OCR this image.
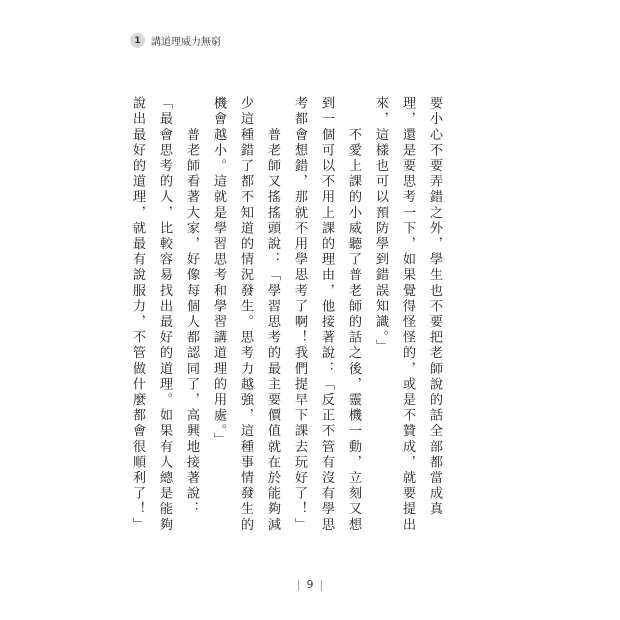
1	講道理威力無窮

要小心不要弄錯之外，學生也不要把老師說的話全部都當成真理，還是要思考一下，如果覺得怪怪的，或是不贊成，就要提出來，這樣也可以預防學到錯誤知識。」

　　不愛上課的小威聽了普老師的話之後，靈機一動，立刻又想到一個可以不用上課的理由，他接著說：「反正不管有沒有學思考都會想錯，那就不用學思考了啊！我們提早下課去玩好了！」

　　普老師又搖搖頭說：「學習思考的最主要價值就在於能夠減少這種錯了都不知道的情況發生。思考力越強，這種事情發生的機會越小。這就是學習思考和學習講道理的用處。」

　　普老師看著大家，好像每個人都認同了，高興地接著說：「最會思考的人，比較容易找出最好的道理。如果有人總是能夠說出最好的道理，就最有說服力，不管做什麼都會很順利了！」

| 9 |
